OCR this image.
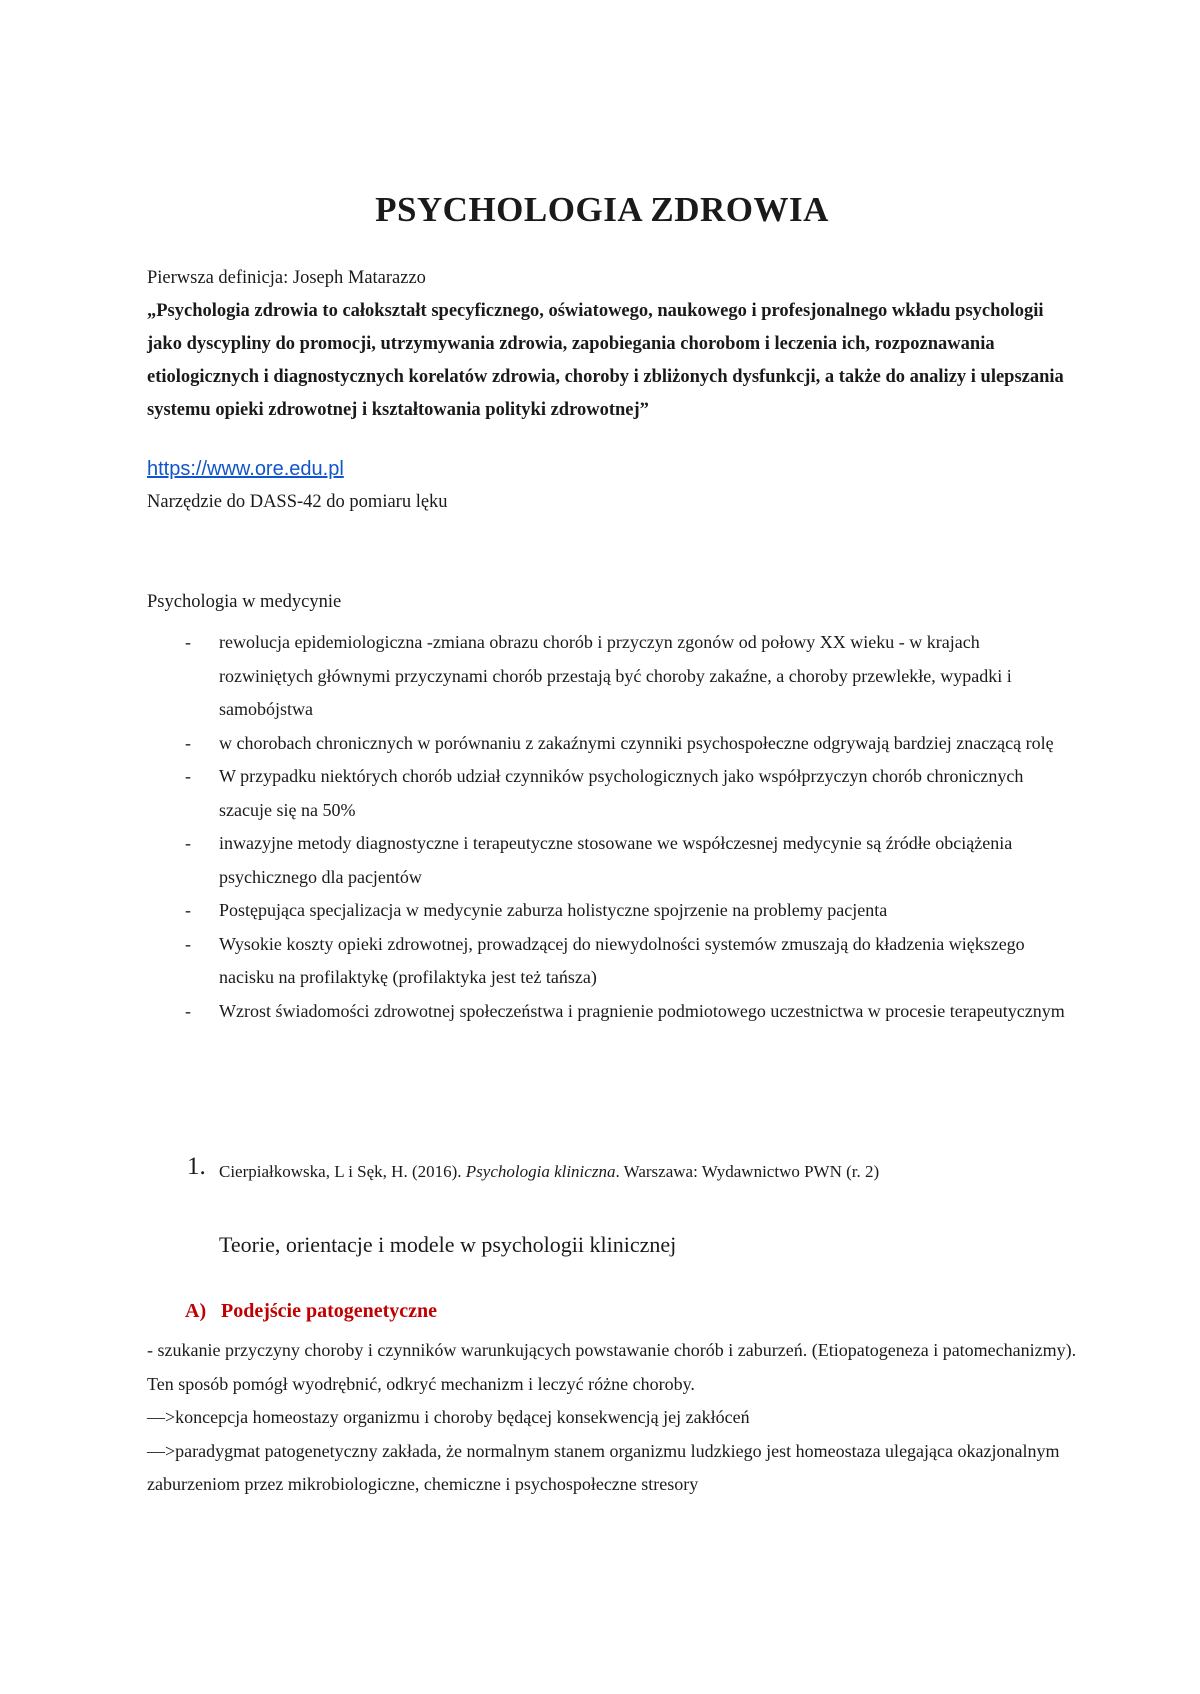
PSYCHOLOGIA ZDROWIA
Pierwsza definicja: Joseph Matarazzo
„Psychologia zdrowia to całokształt specyficznego, oświatowego, naukowego i profesjonalnego wkładu psychologii jako dyscypliny do promocji, utrzymywania zdrowia, zapobiegania chorobom i leczenia ich, rozpoznawania etiologicznych i diagnostycznych korelatów zdrowia, choroby i zbliżonych dysfunkcji, a także do analizy i ulepszania systemu opieki zdrowotnej i kształtowania polityki zdrowotnej”
https://www.ore.edu.pl
Narzędzie do DASS-42 do pomiaru lęku
Psychologia w medycynie
- rewolucja epidemiologiczna -zmiana obrazu chorób i przyczyn zgonów od połowy XX wieku - w krajach rozwiniętych głównymi przyczynami chorób przestają być choroby zakaźne, a choroby przewlekłe, wypadki i samobójstwa
- w chorobach chronicznych w porównaniu z zakaźnymi czynniki psychospołeczne odgrywają bardziej znaczącą rolę
- W przypadku niektórych chorób udział czynników psychologicznych jako współprzyczyn chorób chronicznych szacuje się na 50%
- inwazyjne metody diagnostyczne i terapeutyczne stosowane we współczesnej medycynie są źródłe obciążenia psychicznego dla pacjentów
- Postępująca specjalizacja w medycynie zaburza holistyczne spojrzenie na problemy pacjenta
- Wysokie koszty opieki zdrowotnej, prowadzącej do niewydolności systemów zmuszają do kładzenia większego nacisku na profilaktykę (profilaktyka jest też tańsza)
- Wzrost świadomości zdrowotnej społeczeństwa i pragnienie podmiotowego uczestnictwa w procesie terapeutycznym
1. Cierpiałkowska, L i Sęk, H. (2016). Psychologia kliniczna. Warszawa: Wydawnictwo PWN (r. 2)
Teorie, orientacje i modele w psychologii klinicznej
A) Podejście patogenetyczne

- szukanie przyczyny choroby i czynników warunkujących powstawanie chorób i zaburzeń. (Etiopatogeneza i patomechanizmy). Ten sposób pomógł wyodrębnić, odkryć mechanizm i leczyć różne choroby.

—>koncepcja homeostazy organizmu i choroby będącej konsekwencją jej zakłóceń

—>paradygmat patogenetyczny zakłada, że normalnym stanem organizmu ludzkiego jest homeostaza ulegająca okazjonalnym zaburzeniom przez mikrobiologiczne, chemiczne i psychospołeczne stresory
